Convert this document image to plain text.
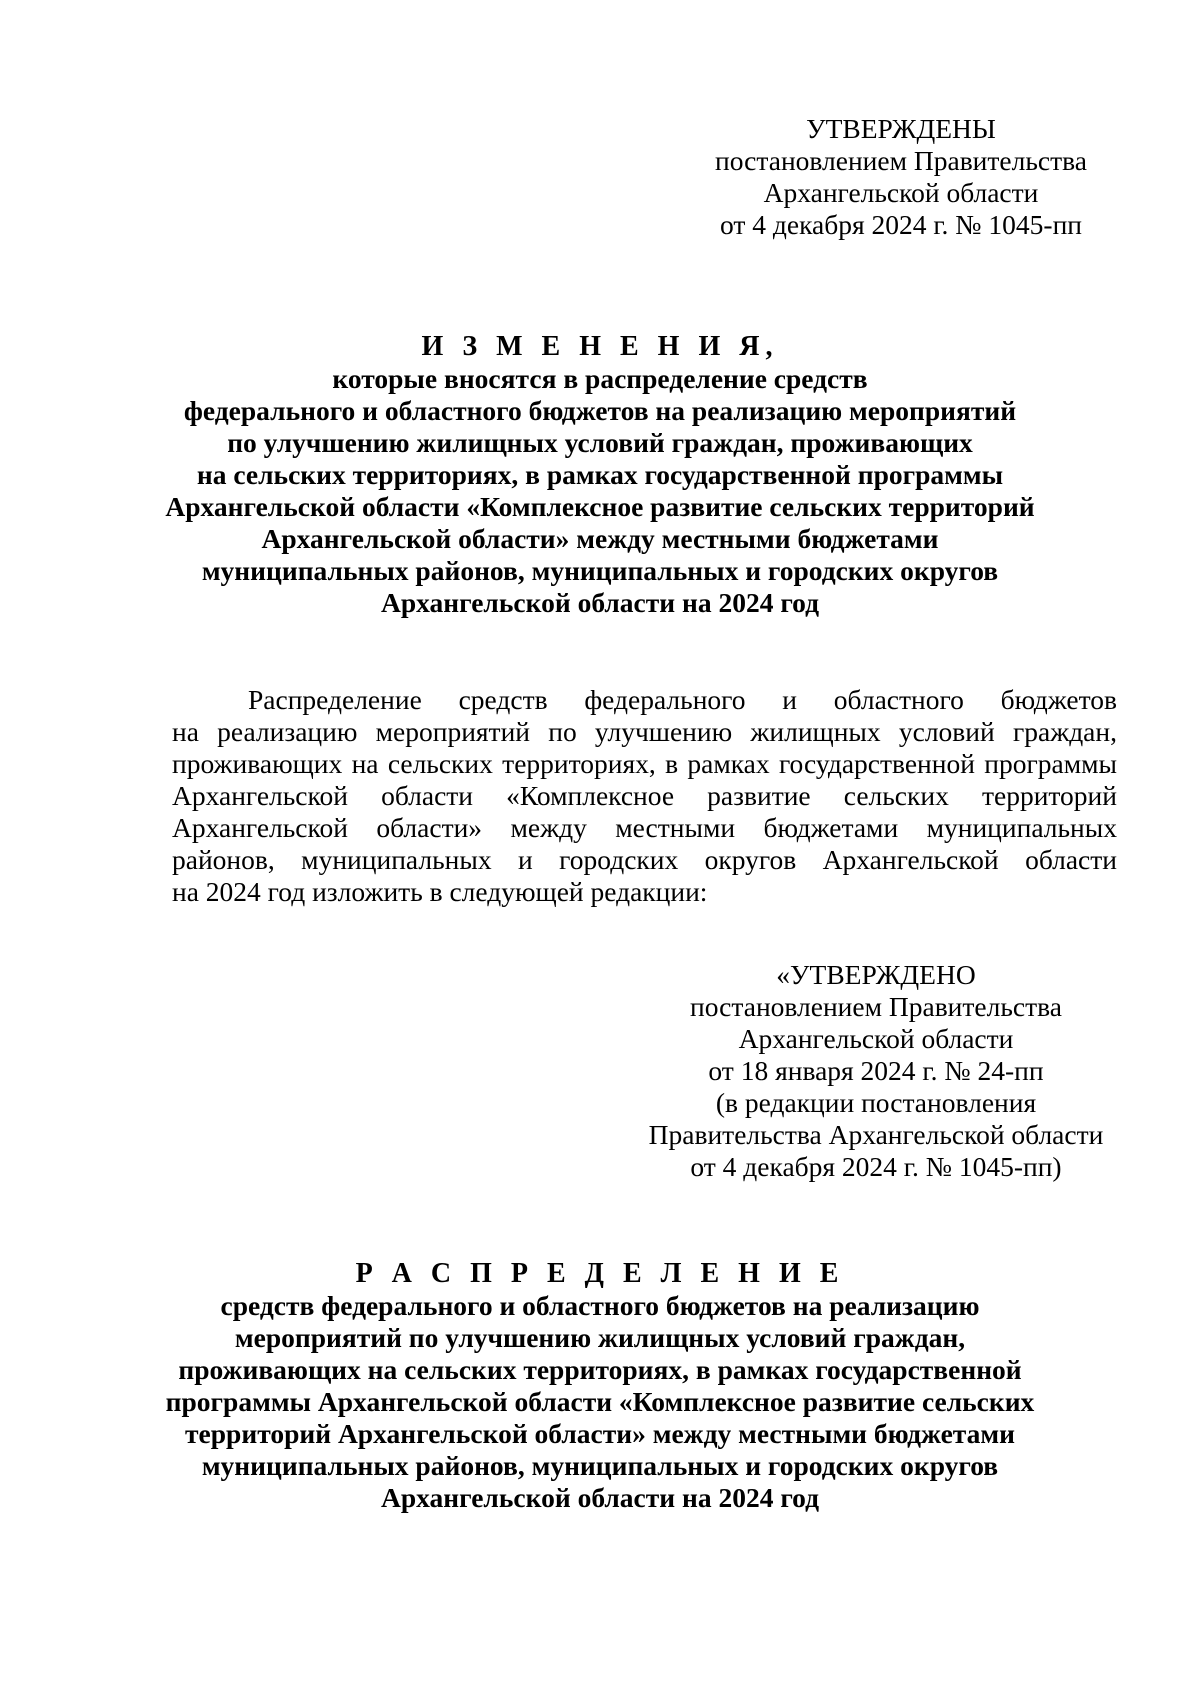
УТВЕРЖДЕНЫ
постановлением Правительства
Архангельской области
от 4 декабря 2024 г. № 1045-пп
И З М Е Н Е Н И Я,
которые вносятся в распределение средств
федерального и областного бюджетов на реализацию мероприятий
по улучшению жилищных условий граждан, проживающих
на сельских территориях, в рамках государственной программы
Архангельской области «Комплексное развитие сельских территорий
Архангельской области» между местными бюджетами
муниципальных районов, муниципальных и городских округов
Архангельской области на 2024 год
Распределение средств федерального и областного бюджетов
на реализацию мероприятий по улучшению жилищных условий граждан,
проживающих на сельских территориях, в рамках государственной программы
Архангельской области «Комплексное развитие сельских территорий
Архангельской области» между местными бюджетами муниципальных
районов, муниципальных и городских округов Архангельской области
на 2024 год изложить в следующей редакции:
«УТВЕРЖДЕНО
постановлением Правительства
Архангельской области
от 18 января 2024 г. № 24-пп
(в редакции постановления
Правительства Архангельской области
от 4 декабря 2024 г. № 1045-пп)
Р А С П Р Е Д Е Л Е Н И Е
средств федерального и областного бюджетов на реализацию
мероприятий по улучшению жилищных условий граждан,
проживающих на сельских территориях, в рамках государственной
программы Архангельской области «Комплексное развитие сельских
территорий Архангельской области» между местными бюджетами
муниципальных районов, муниципальных и городских округов
Архангельской области на 2024 год
